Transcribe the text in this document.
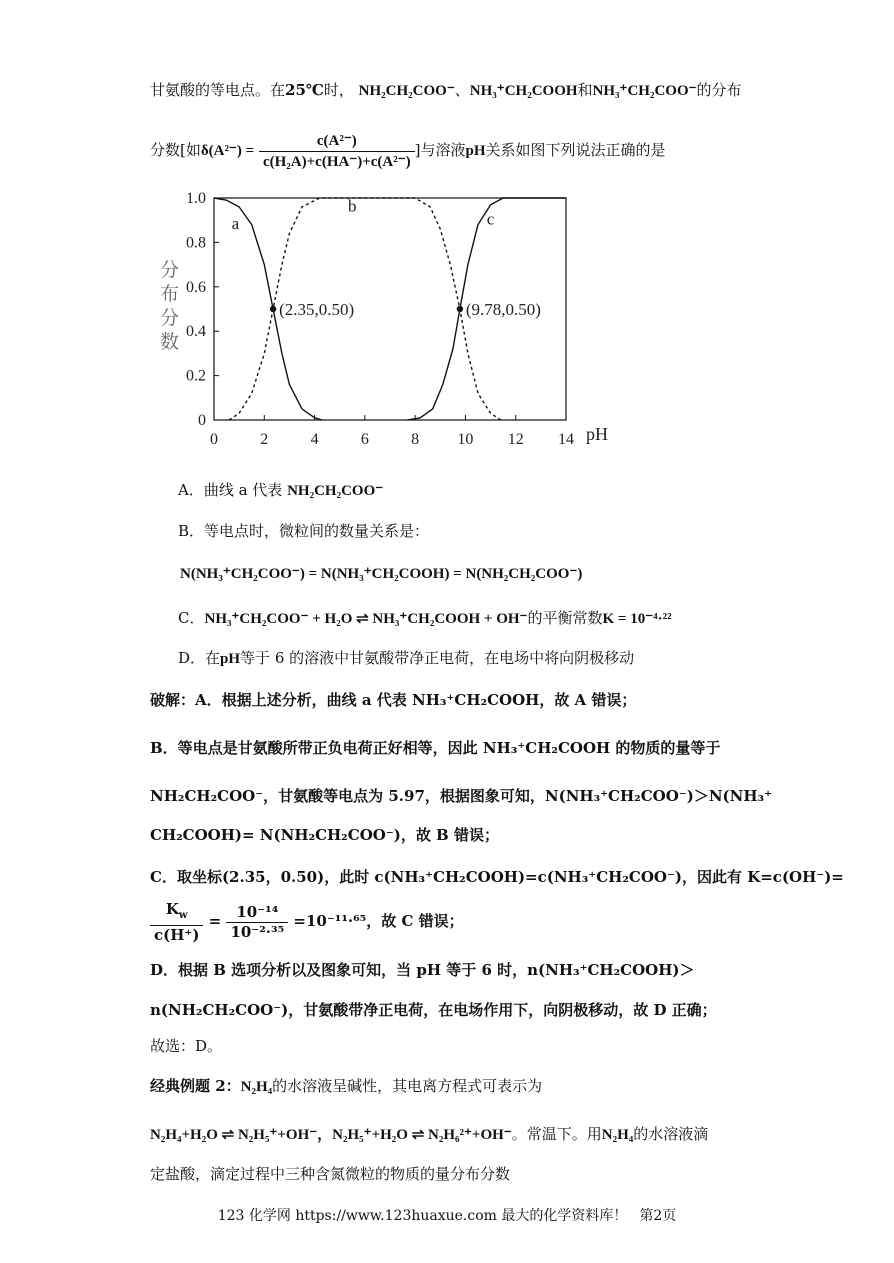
甘氨酸的等电点。在25℃时， NH₂CH₂COO⁻、NH₃⁺CH₂COOH和NH₃⁺CH₂COO⁻的分布
分数[如$\delta(A^{2-}) = \frac{\text{c(A²⁻)}}{\text{c(H₂A)+c(HA⁻)+c(A²⁻)}}$ ]与溶液pH关系如图下列说法正确的是
0
0.2
0.4
0.6
0.8
1.0
0	2	4	6	8 10 12 14 pH
分布分数
a
b
c
(2.35,0.50)	(9.78,0.50)
A．曲线 a 代表 NH₂CH₂COO⁻
B．等电点时，微粒间的数量关系是：
N(NH₃⁺CH₂COO⁻) = N(NH₃⁺CH₂COOH) = N(NH₂CH₂COO⁻)
C．NH₃⁺CH₂COO⁻ + H₂O ⇌ NH₃⁺CH₂COOH + OH⁻的平衡常数K = 10⁻⁴·²²
D．在pH等于 6 的溶液中甘氨酸带净正电荷，在电场中将向阴极移动
破解：A．根据上述分析，曲线 a 代表 NH₃⁺CH₂COOH，故 A 错误；
B．等电点是甘氨酸所带正负电荷正好相等，因此 NH₃⁺CH₂COOH 的物质的量等于
NH₂CH₂COO⁻，甘氨酸等电点为 5.97，根据图象可知，N(NH₃⁺CH₂COO⁻)＞N(NH₃⁺
CH₂COOH)= N(NH₂CH₂COO⁻)，故 B 错误；
C．取坐标(2.35，0.50)，此时 c(NH₃⁺CH₂COOH)=c(NH₃⁺CH₂COO⁻)，因此有 K=c(OH⁻)=
$\frac{K_w}{c(H^+)} = \frac{\text{10⁻¹⁴}}{\text{10⁻²·³⁵}} =10^{-11}\cdot^{65}$，故 C 错误；
D．根据 B 选项分析以及图象可知，当 pH 等于 6 时，n(NH₃⁺CH₂COOH)＞
n(NH₂CH₂COO⁻)，甘氨酸带净正电荷，在电场作用下，向阴极移动，故 D 正确；
故选：D。
经典例题 2：N₂H₄的水溶液呈碱性，其电离方程式可表示为
N₂H₄+H₂O ⇌ N₂H₅⁺+OH⁻，N₂H₅⁺+H₂O ⇌ N₂H₆²⁺+OH⁻。常温下。用N₂H₄的水溶液滴
定盐酸，滴定过程中三种含氮微粒的物质的量分布分数
123 化学网 https://www.123huaxue.com 最大的化学资料库！ 第2页
